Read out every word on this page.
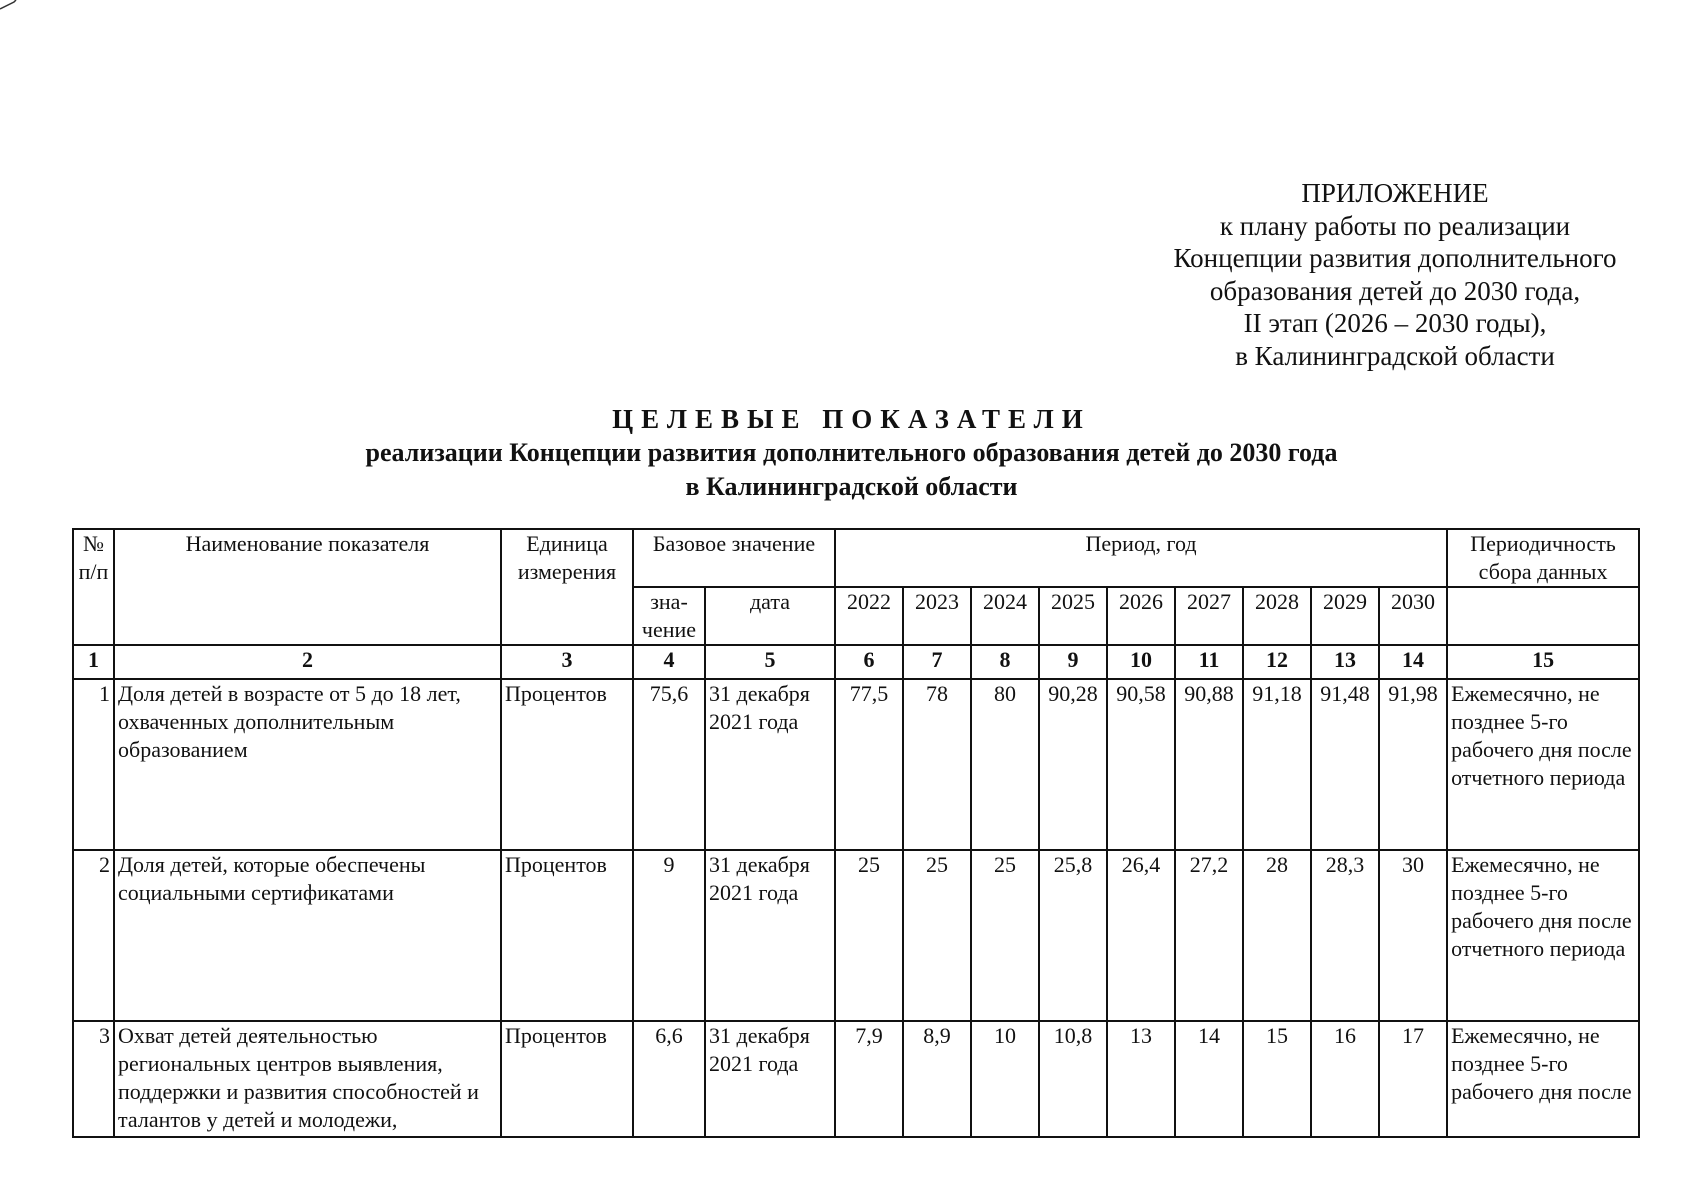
ПРИЛОЖЕНИЕ
к плану работы по реализации
Концепции развития дополнительного
образования детей до 2030 года,
II этап (2026 – 2030 годы),
в Калининградской области
ЦЕЛЕВЫЕ ПОКАЗАТЕЛИ
реализации Концепции развития дополнительного образования детей до 2030 года
в Калининградской области
№ п/п	Наименование показателя	Единица измерения	Базовое значение		Период, год									Периодичность сбора данных
			зна-чение	дата	2022	2023	2024	2025	2026	2027	2028	2029	2030	
1	2	3	4	5	6	7	8	9	10	11	12	13	14	15
1	Доля детей в возрасте от 5 до 18 лет, охваченных дополнительным образованием	Процентов	75,6	31 декабря 2021 года	77,5	78	80	90,28	90,58	90,88	91,18	91,48	91,98	Ежемесячно, не позднее 5-го рабочего дня после отчетного периода
2	Доля детей, которые обеспечены социальными сертификатами	Процентов	9	31 декабря 2021 года	25	25	25	25,8	26,4	27,2	28	28,3	30	Ежемесячно, не позднее 5-го рабочего дня после отчетного периода
3	Охват детей деятельностью региональных центров выявления, поддержки и развития способностей и талантов у детей и молодежи,	Процентов	6,6	31 декабря 2021 года	7,9	8,9	10	10,8	13	14	15	16	17	Ежемесячно, не позднее 5-го рабочего дня после
